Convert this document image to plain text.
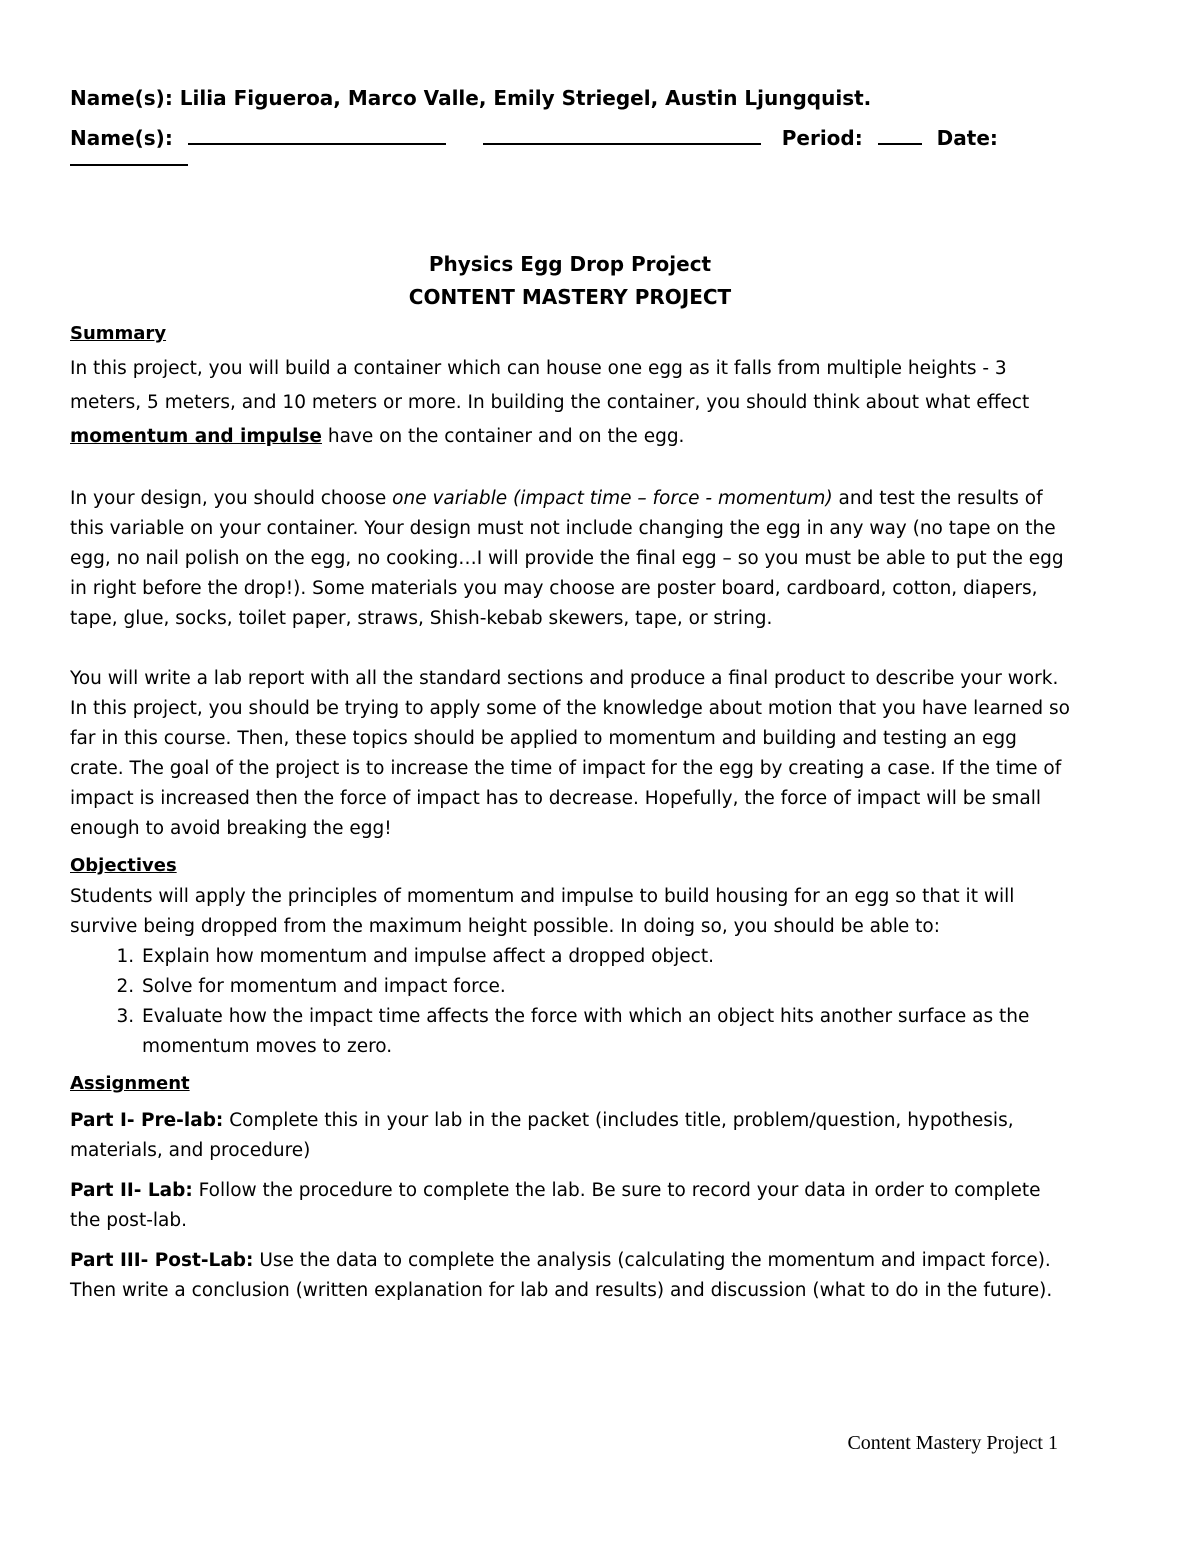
Name(s): Lilia Figueroa, Marco Valle, Emily Striegel, Austin Ljungquist.
Name(s):	Period:	Date:
Physics Egg Drop Project
CONTENT MASTERY PROJECT
Summary

In this project, you will build a container which can house one egg as it falls from multiple heights - 3 meters, 5 meters, and 10 meters or more. In building the container, you should think about what effect momentum and impulse have on the container and on the egg.

In your design, you should choose one variable (impact time – force - momentum) and test the results of this variable on your container. Your design must not include changing the egg in any way (no tape on the egg, no nail polish on the egg, no cooking…I will provide the final egg – so you must be able to put the egg in right before the drop!). Some materials you may choose are poster board, cardboard, cotton, diapers, tape, glue, socks, toilet paper, straws, Shish-kebab skewers, tape, or string.

You will write a lab report with all the standard sections and produce a final product to describe your work. In this project, you should be trying to apply some of the knowledge about motion that you have learned so far in this course. Then, these topics should be applied to momentum and building and testing an egg crate. The goal of the project is to increase the time of impact for the egg by creating a case. If the time of impact is increased then the force of impact has to decrease. Hopefully, the force of impact will be small enough to avoid breaking the egg!

Objectives

Students will apply the principles of momentum and impulse to build housing for an egg so that it will survive being dropped from the maximum height possible. In doing so, you should be able to:

1. Explain how momentum and impulse affect a dropped object.
2. Solve for momentum and impact force.
3. Evaluate how the impact time affects the force with which an object hits another surface as the momentum moves to zero.
Assignment

Part I- Pre-lab: Complete this in your lab in the packet (includes title, problem/question, hypothesis, materials, and procedure)

Part II- Lab: Follow the procedure to complete the lab. Be sure to record your data in order to complete the post-lab.

Part III- Post-Lab: Use the data to complete the analysis (calculating the momentum and impact force). Then write a conclusion (written explanation for lab and results) and discussion (what to do in the future).

Content Mastery Project 1
